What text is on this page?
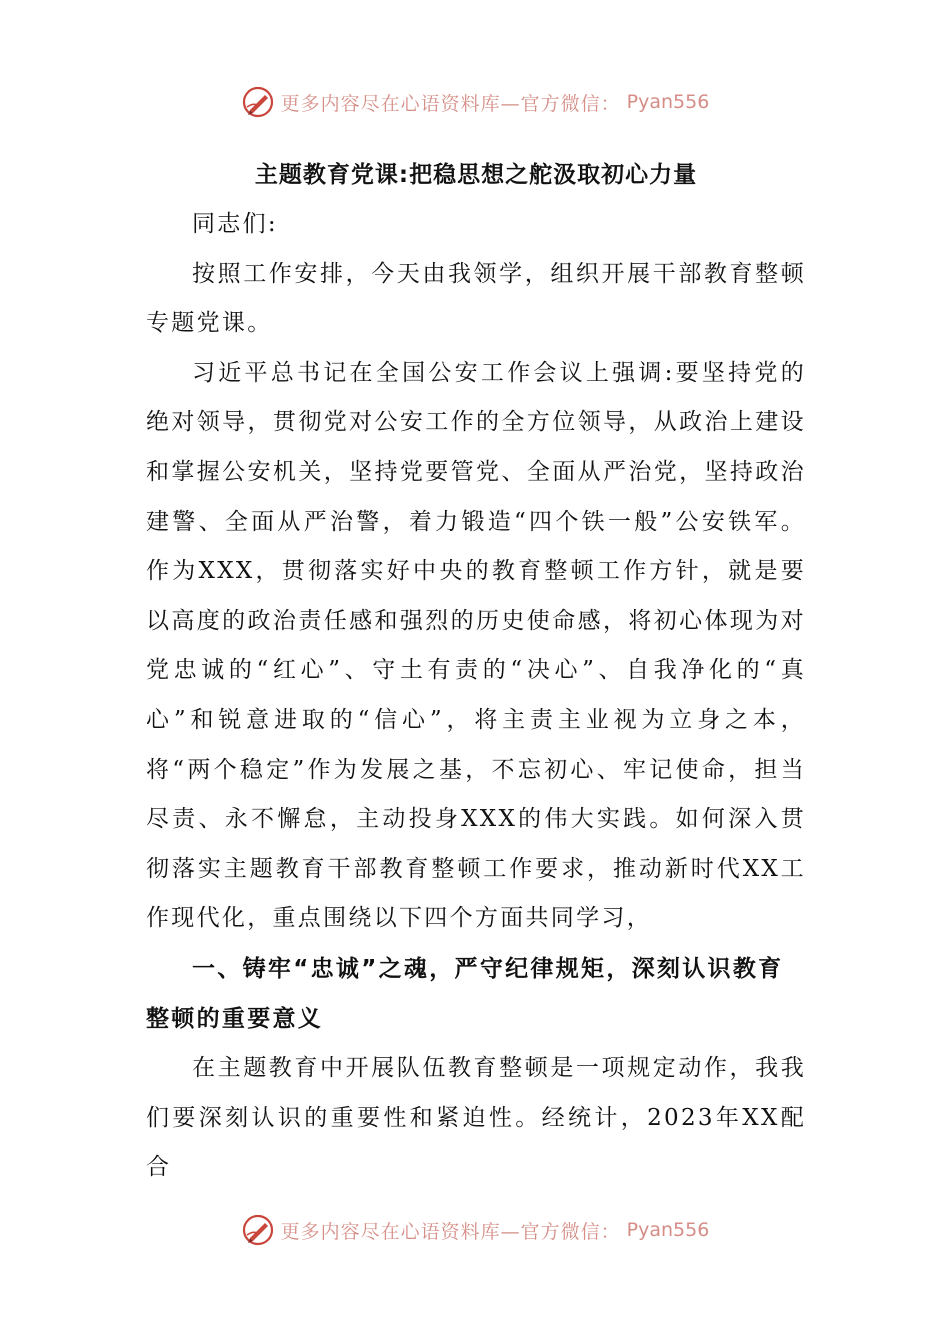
更多内容尽在心语资料库—官方微信： Pyan556
主题教育党课:把稳思想之舵汲取初心力量

同志们:

按照工作安排，今天由我领学，组织开展干部教育整顿专题党课。

习近平总书记在全国公安工作会议上强调:要坚持党的绝对领导，贯彻党对公安工作的全方位领导，从政治上建设和掌握公安机关，坚持党要管党、全面从严治党，坚持政治建警、全面从严治警，着力锻造“四个铁一般”公安铁军。作为XXX，贯彻落实好中央的教育整顿工作方针，就是要以高度的政治责任感和强烈的历史使命感，将初心体现为对党忠诚的“红心”、守土有责的“决心”、自我净化的“真心”和锐意进取的“信心”，将主责主业视为立身之本，将“两个稳定”作为发展之基，不忘初心、牢记使命，担当尽责、永不懈怠，主动投身XXX的伟大实践。如何深入贯彻落实主题教育干部教育整顿工作要求，推动新时代XX工作现代化，重点围绕以下四个方面共同学习，

一、铸牢“忠诚”之魂，严守纪律规矩，深刻认识教育整顿的重要意义

在主题教育中开展队伍教育整顿是一项规定动作，我我们要深刻认识的重要性和紧迫性。经统计，2023年XX配合

更多内容尽在心语资料库—官方微信： Pyan556
